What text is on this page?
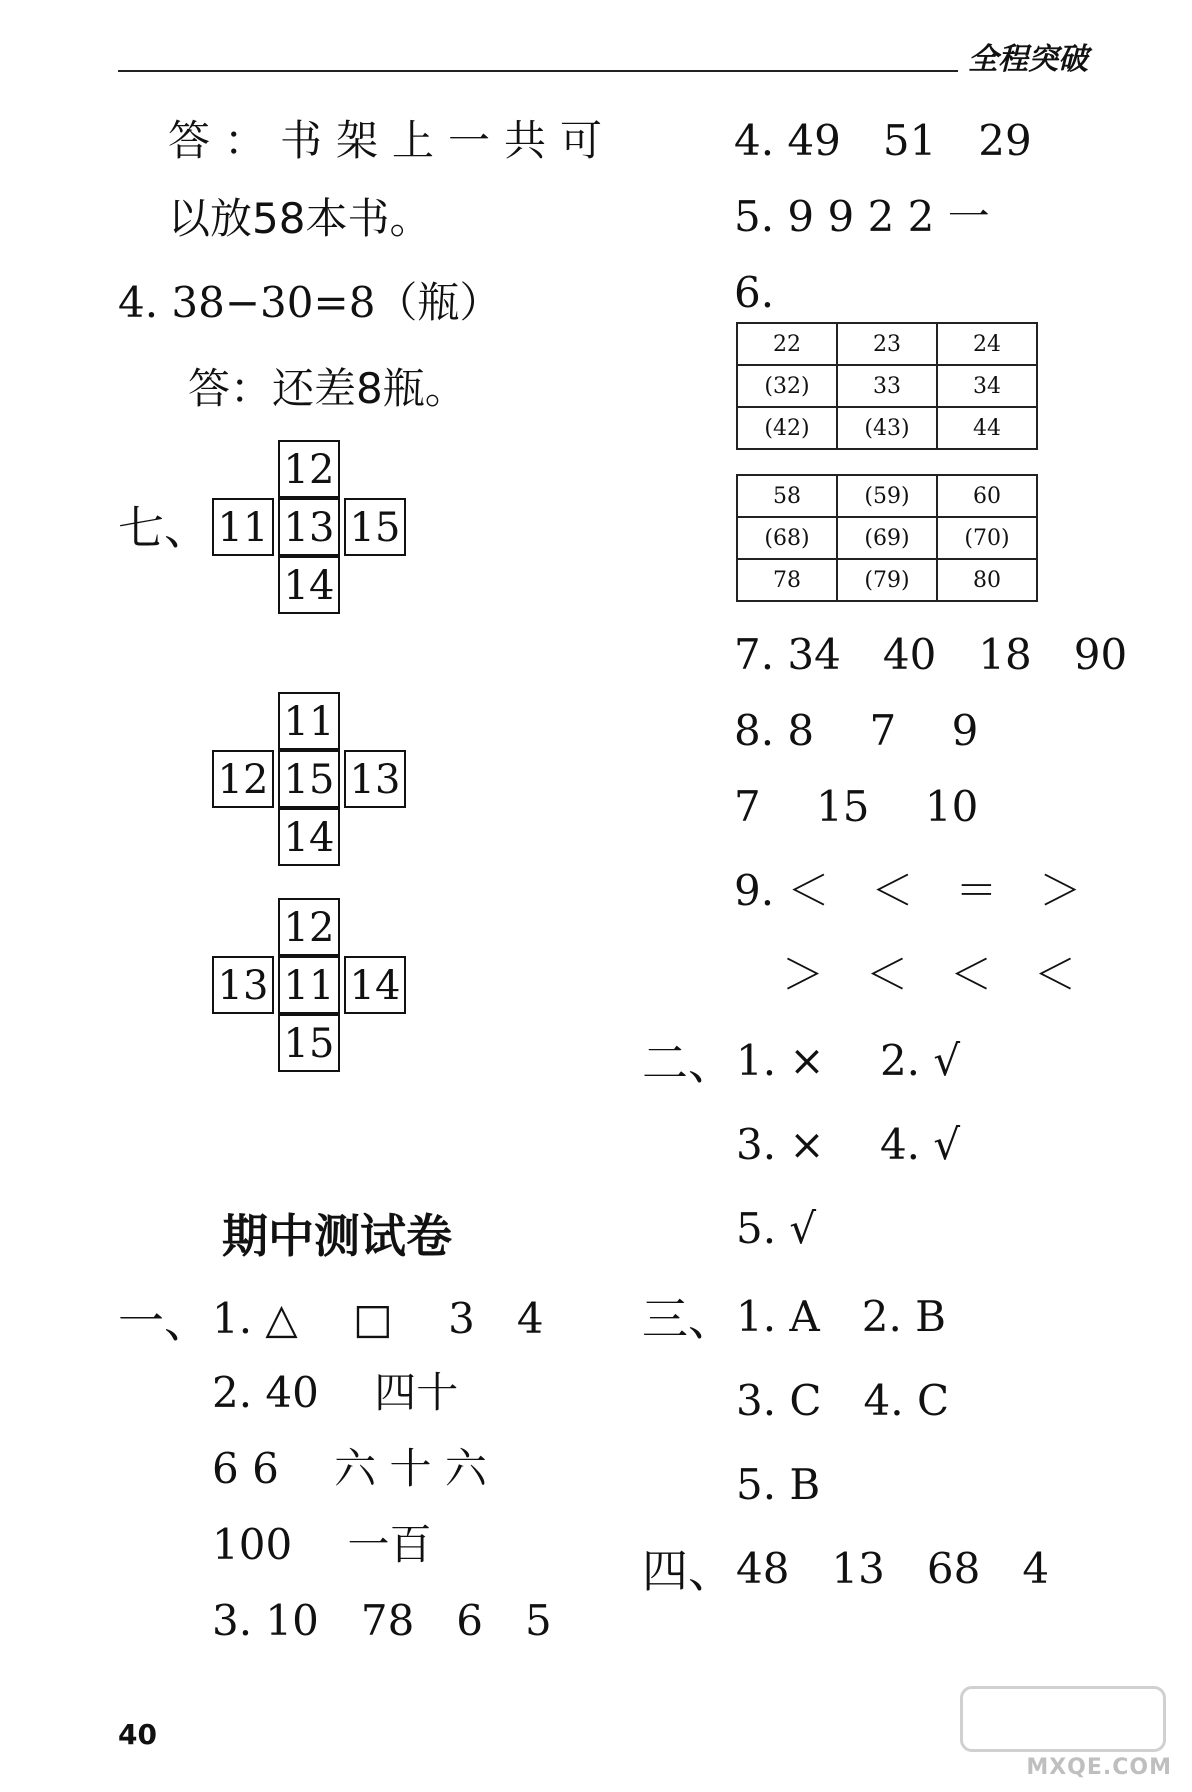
全程突破
答：书架上一共可
以放58本书。
4. 38−30=8（瓶）
答：还差8瓶。
七、
12
11 13 15
14
11
12 15 13
14
12
13 11 14
15
期中测试卷
一、 1. △　 □　 3　4
2. 40　 四十
6 6　 六 十 六
100　 一百
3. 10　78　6　5
40
4. 49　51　29
5. 9 9 2 2 一
6.
22	23	24
(32)	33	34
(42)	(43)	44
58	(59)	60
(68)	(69)	(70)
78	(79)	80
7. 34　40　18　90
8. 8　 7　 9
7　 15　 10
9. ＜　＜　＝　＞
＞　＜　＜　＜
二、 1. ×　 2. √
3. ×　 4. √
5. √
三、 1. A　2. B
3. C　4. C
5. B
四、 48　13　68　4
MXQE.COM
